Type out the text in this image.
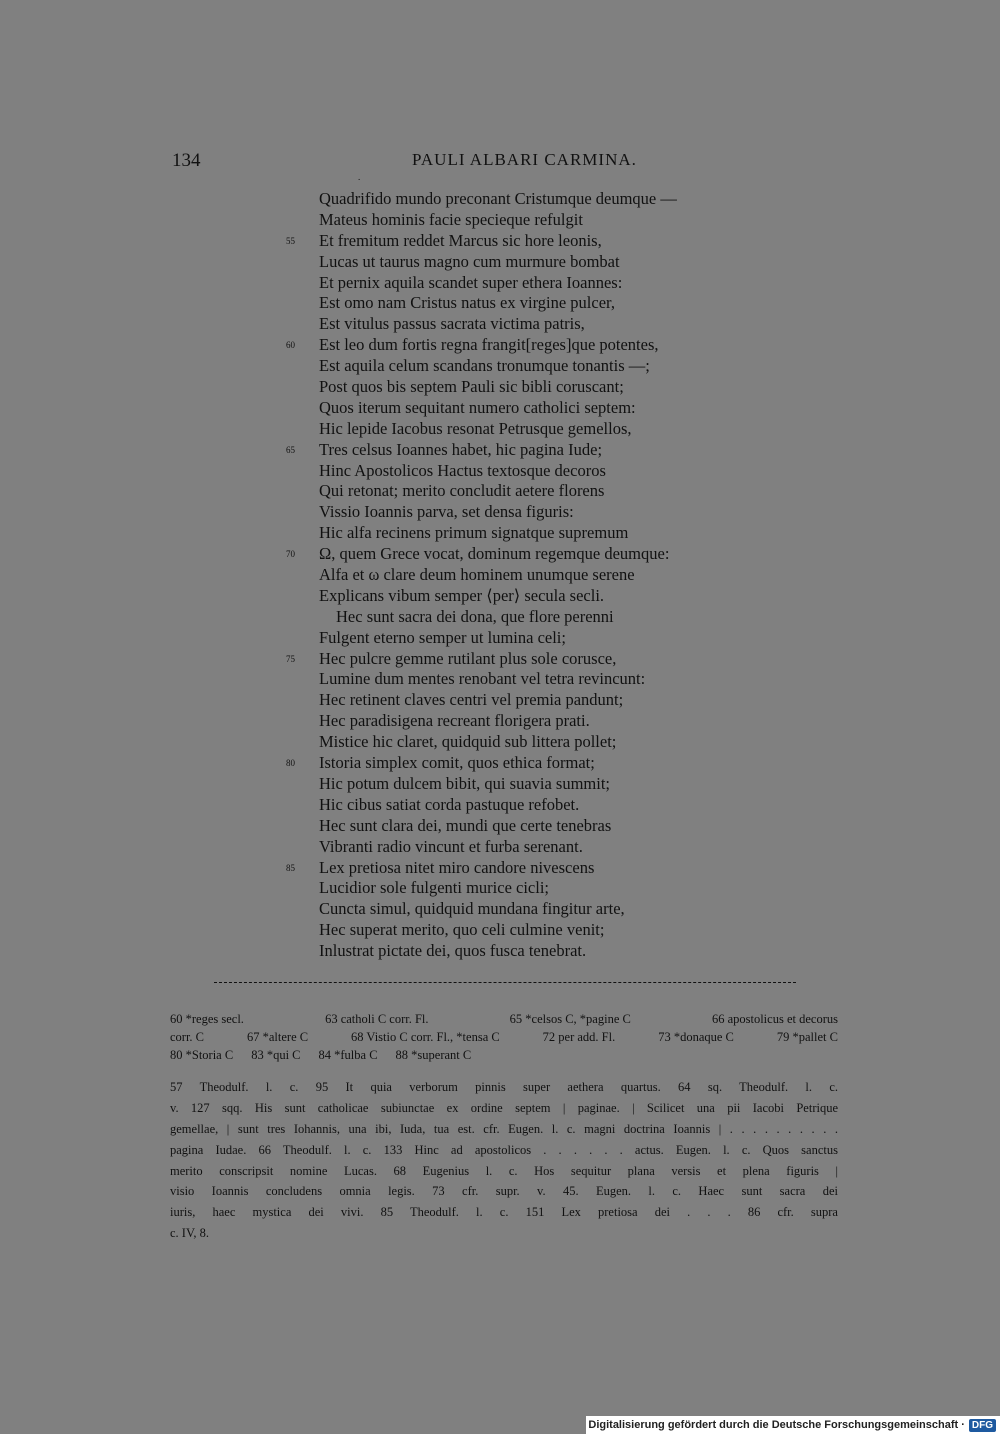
134	PAULI ALBARI CARMINA.
.
Quadrifido mundo preconant Cristumque deumque —
Mateus hominis facie specieque refulgit
55 Et fremitum reddet Marcus sic hore leonis,
Lucas ut taurus magno cum murmure bombat
Et pernix aquila scandet super ethera Ioannes:
Est omo nam Cristus natus ex virgine pulcer,
Est vitulus passus sacrata victima patris,
60 Est leo dum fortis regna frangit[reges]que potentes,
Est aquila celum scandans tronumque tonantis —;
Post quos bis septem Pauli sic bibli coruscant;
Quos iterum sequitant numero catholici septem:
Hic lepide Iacobus resonat Petrusque gemellos,
65 Tres celsus Ioannes habet, hic pagina Iude;
Hinc Apostolicos Hactus textosque decoros
Qui retonat; merito concludit aetere florens
Vissio Ioannis parva, set densa figuris:
Hic alfa recinens primum signatque supremum
70 Ω, quem Grece vocat, dominum regemque deumque:
Alfa et ω clare deum hominem unumque serene
Explicans vibum semper ⟨per⟩ secula secli.
Hec sunt sacra dei dona, que flore perenni
Fulgent eterno semper ut lumina celi;
75 Hec pulcre gemme rutilant plus sole corusce,
Lumine dum mentes renobant vel tetra revincunt:
Hec retinent claves centri vel premia pandunt;
Hec paradisigena recreant florigera prati.
Mistice hic claret, quidquid sub littera pollet;
80 Istoria simplex comit, quos ethica format;
Hic potum dulcem bibit, qui suavia summit;
Hic cibus satiat corda pastuque refobet.
Hec sunt clara dei, mundi que certe tenebras
Vibranti radio vincunt et furba serenant.
85 Lex pretiosa nitet miro candore nivescens
Lucidior sole fulgenti murice cicli;
Cuncta simul, quidquid mundana fingitur arte,
Hec superat merito, quo celi culmine venit;
Inlustrat pictate dei, quos fusca tenebrat.
60 *reges secl.	63 catholi C corr. Fl.	65 *celsos C, *pagine C	66 apostolicus et decorus
corr. C	67 *altere C	68 Vistio C corr. Fl., *tensa C	72 per add. Fl.	73 *donaque C	79 *pallet C
80 *Storia C 83 *qui C 84 *fulba C 88 *superant C
57 Theodulf. l. c. 95 It quia verborum pinnis super aethera quartus. 64 sq. Theodulf. l. c.
v. 127 sqq. His sunt catholicae subiunctae ex ordine septem | paginae. | Scilicet una pii Iacobi Petrique
gemellae, | sunt tres Iohannis, una ibi, Iuda, tua est. cfr. Eugen. l. c. magni doctrina Ioannis | . . . . . . . . . .
pagina Iudae. 66 Theodulf. l. c. 133 Hinc ad apostolicos . . . . . . actus. Eugen. l. c. Quos sanctus
merito conscripsit nomine Lucas. 68 Eugenius l. c. Hos sequitur plana versis et plena figuris |
visio Ioannis concludens omnia legis. 73 cfr. supr. v. 45. Eugen. l. c. Haec sunt sacra dei
iuris, haec mystica dei vivi. 85 Theodulf. l. c. 151 Lex pretiosa dei . . . 86 cfr. supra
c. IV, 8.
Digitalisierung gefördert durch die Deutsche Forschungsgemeinschaft · DFG
